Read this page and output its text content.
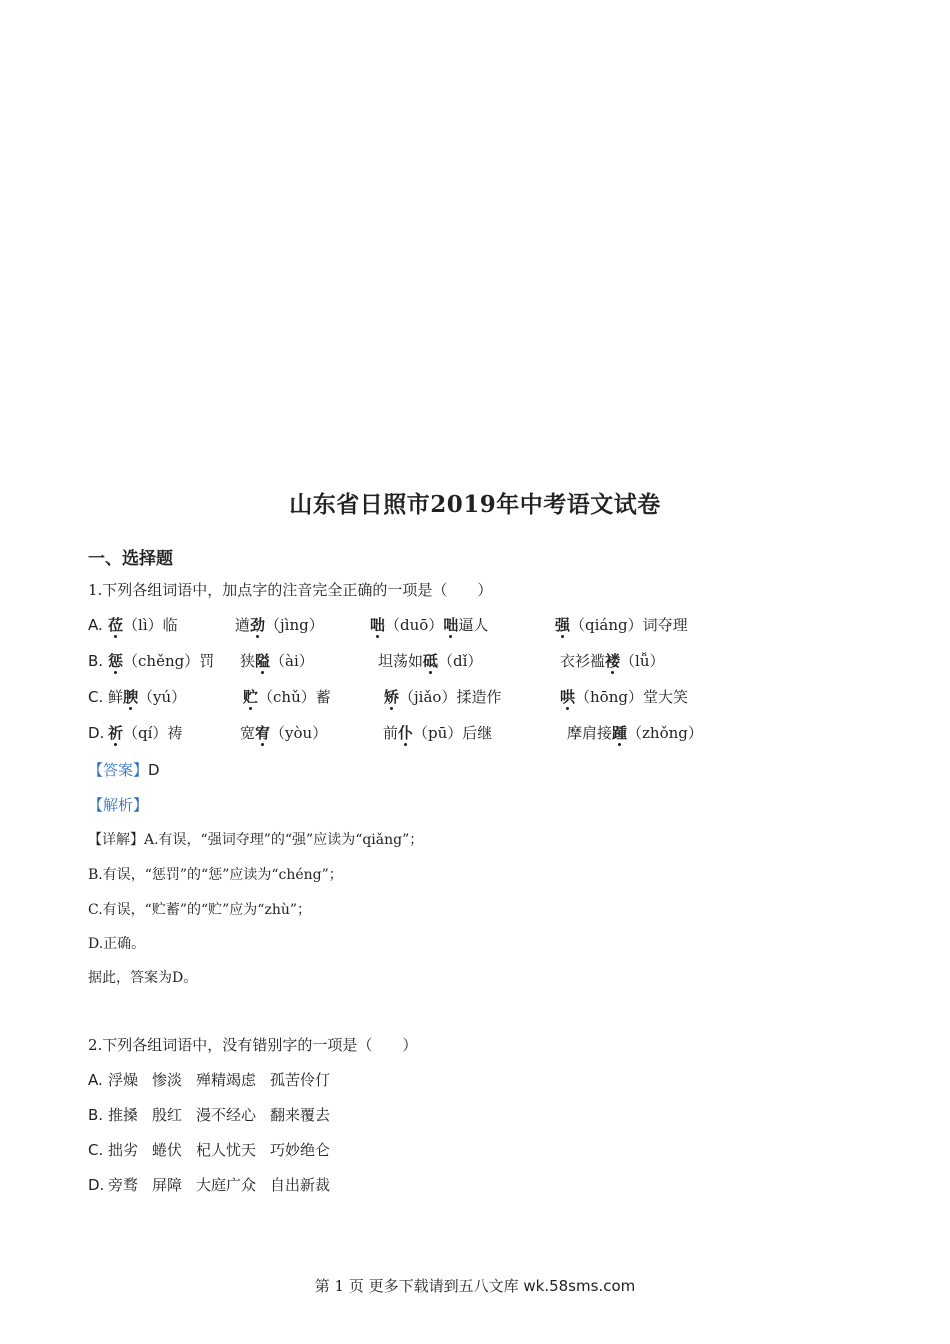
山东省日照市2019年中考语文试卷
一、选择题
1.下列各组词语中，加点字的注音完全正确的一项是（　　）
A. 莅（lì）临	遒劲（jìng）	咄（duō）咄逼人	强（qiáng）词夺理
B. 惩（chěng）罚 狭隘（ài）	坦荡如砥（dǐ）	衣衫褴褛（lǚ）
C. 鲜腴（yú）	贮（chǔ）蓄	矫（jiǎo）揉造作	哄（hōng）堂大笑
D. 祈（qí）祷	宽宥（yòu）	前仆（pū）后继	摩肩接踵（zhǒng）
【答案】D
【解析】
【详解】A.有误，“强词夺理”的“强”应读为“qiǎng”；
B.有误，“惩罚”的“惩”应读为“chéng”；
C.有误，“贮蓄”的“贮”应为“zhù”；
D.正确。
据此，答案为D。
2.下列各组词语中，没有错别字的一项是（　　）
A. 浮燥 惨淡 殚精竭虑 孤苦伶仃
B. 推搡 殷红 漫不经心 翻来覆去
C. 拙劣 蜷伏 杞人忧天 巧妙绝仑
D. 旁骛 屏障 大庭广众 自出新裁
第 1 页 更多下载请到五八文库 wk.58sms.com
